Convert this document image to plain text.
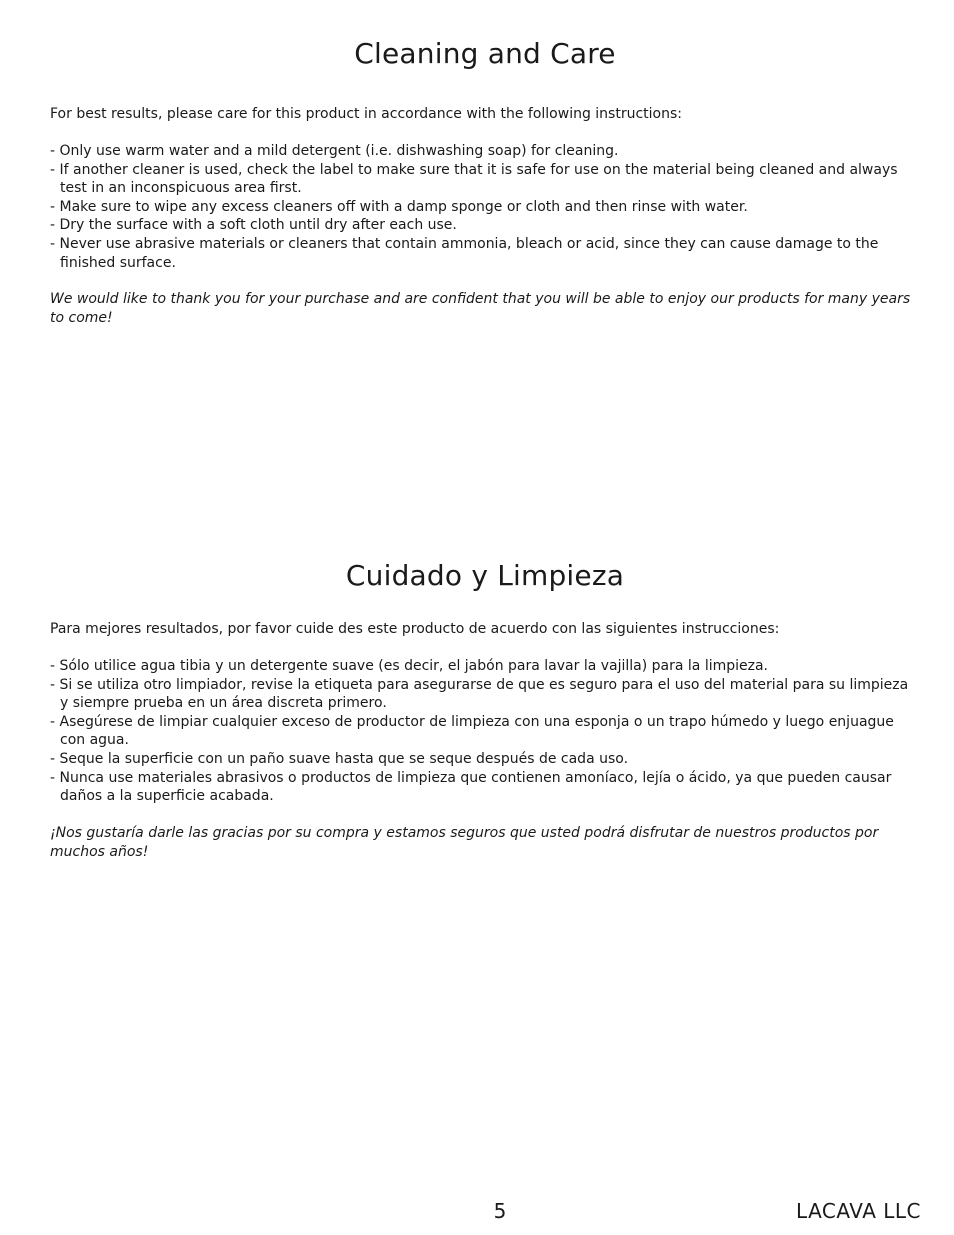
Cleaning and Care

For best results, please care for this product in accordance with the following instructions:

- Only use warm water and a mild detergent (i.e. dishwashing soap) for cleaning.
- If another cleaner is used, check the label to make sure that it is safe for use on the material being cleaned and always test in an inconspicuous area first.
- Make sure to wipe any excess cleaners off with a damp sponge or cloth and then rinse with water.
- Dry the surface with a soft cloth until dry after each use.
- Never use abrasive materials or cleaners that contain ammonia, bleach or acid, since they can cause damage to the finished surface.

We would like to thank you for your purchase and are confident that you will be able to enjoy our products for many years to come!

Cuidado y Limpieza

Para mejores resultados, por favor cuide des este producto de acuerdo con las siguientes instrucciones:

- Sólo utilice agua tibia y un detergente suave (es decir, el jabón para lavar la vajilla) para la limpieza.
- Si se utiliza otro limpiador, revise la etiqueta para asegurarse de que es seguro para el uso del material para su limpieza y siempre prueba en un área discreta primero.
- Asegúrese de limpiar cualquier exceso de productor de limpieza con una esponja o un trapo húmedo y luego enjuague con agua.
- Seque la superficie con un paño suave hasta que se seque después de cada uso.
- Nunca use materiales abrasivos o productos de limpieza que contienen amoníaco, lejía o ácido, ya que pueden causar daños a la superficie acabada.

¡Nos gustaría darle las gracias por su compra y estamos seguros que usted podrá disfrutar de nuestros productos por muchos años!

5	LACAVA LLC
